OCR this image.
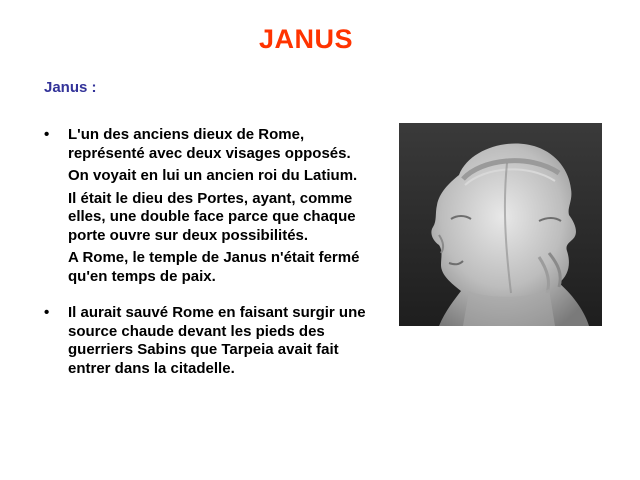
JANUS
Janus :
• L'un des anciens dieux de Rome, représenté avec deux visages opposés.

On voyait en lui un ancien roi du Latium.

Il était le dieu des Portes, ayant, comme elles, une double face parce que chaque porte ouvre sur deux possibilités.

A Rome, le temple de Janus n'était fermé qu'en temps de paix.

• Il aurait sauvé Rome en faisant surgir une source chaude devant les pieds des guerriers Sabins que Tarpeia avait fait entrer dans la citadelle.
